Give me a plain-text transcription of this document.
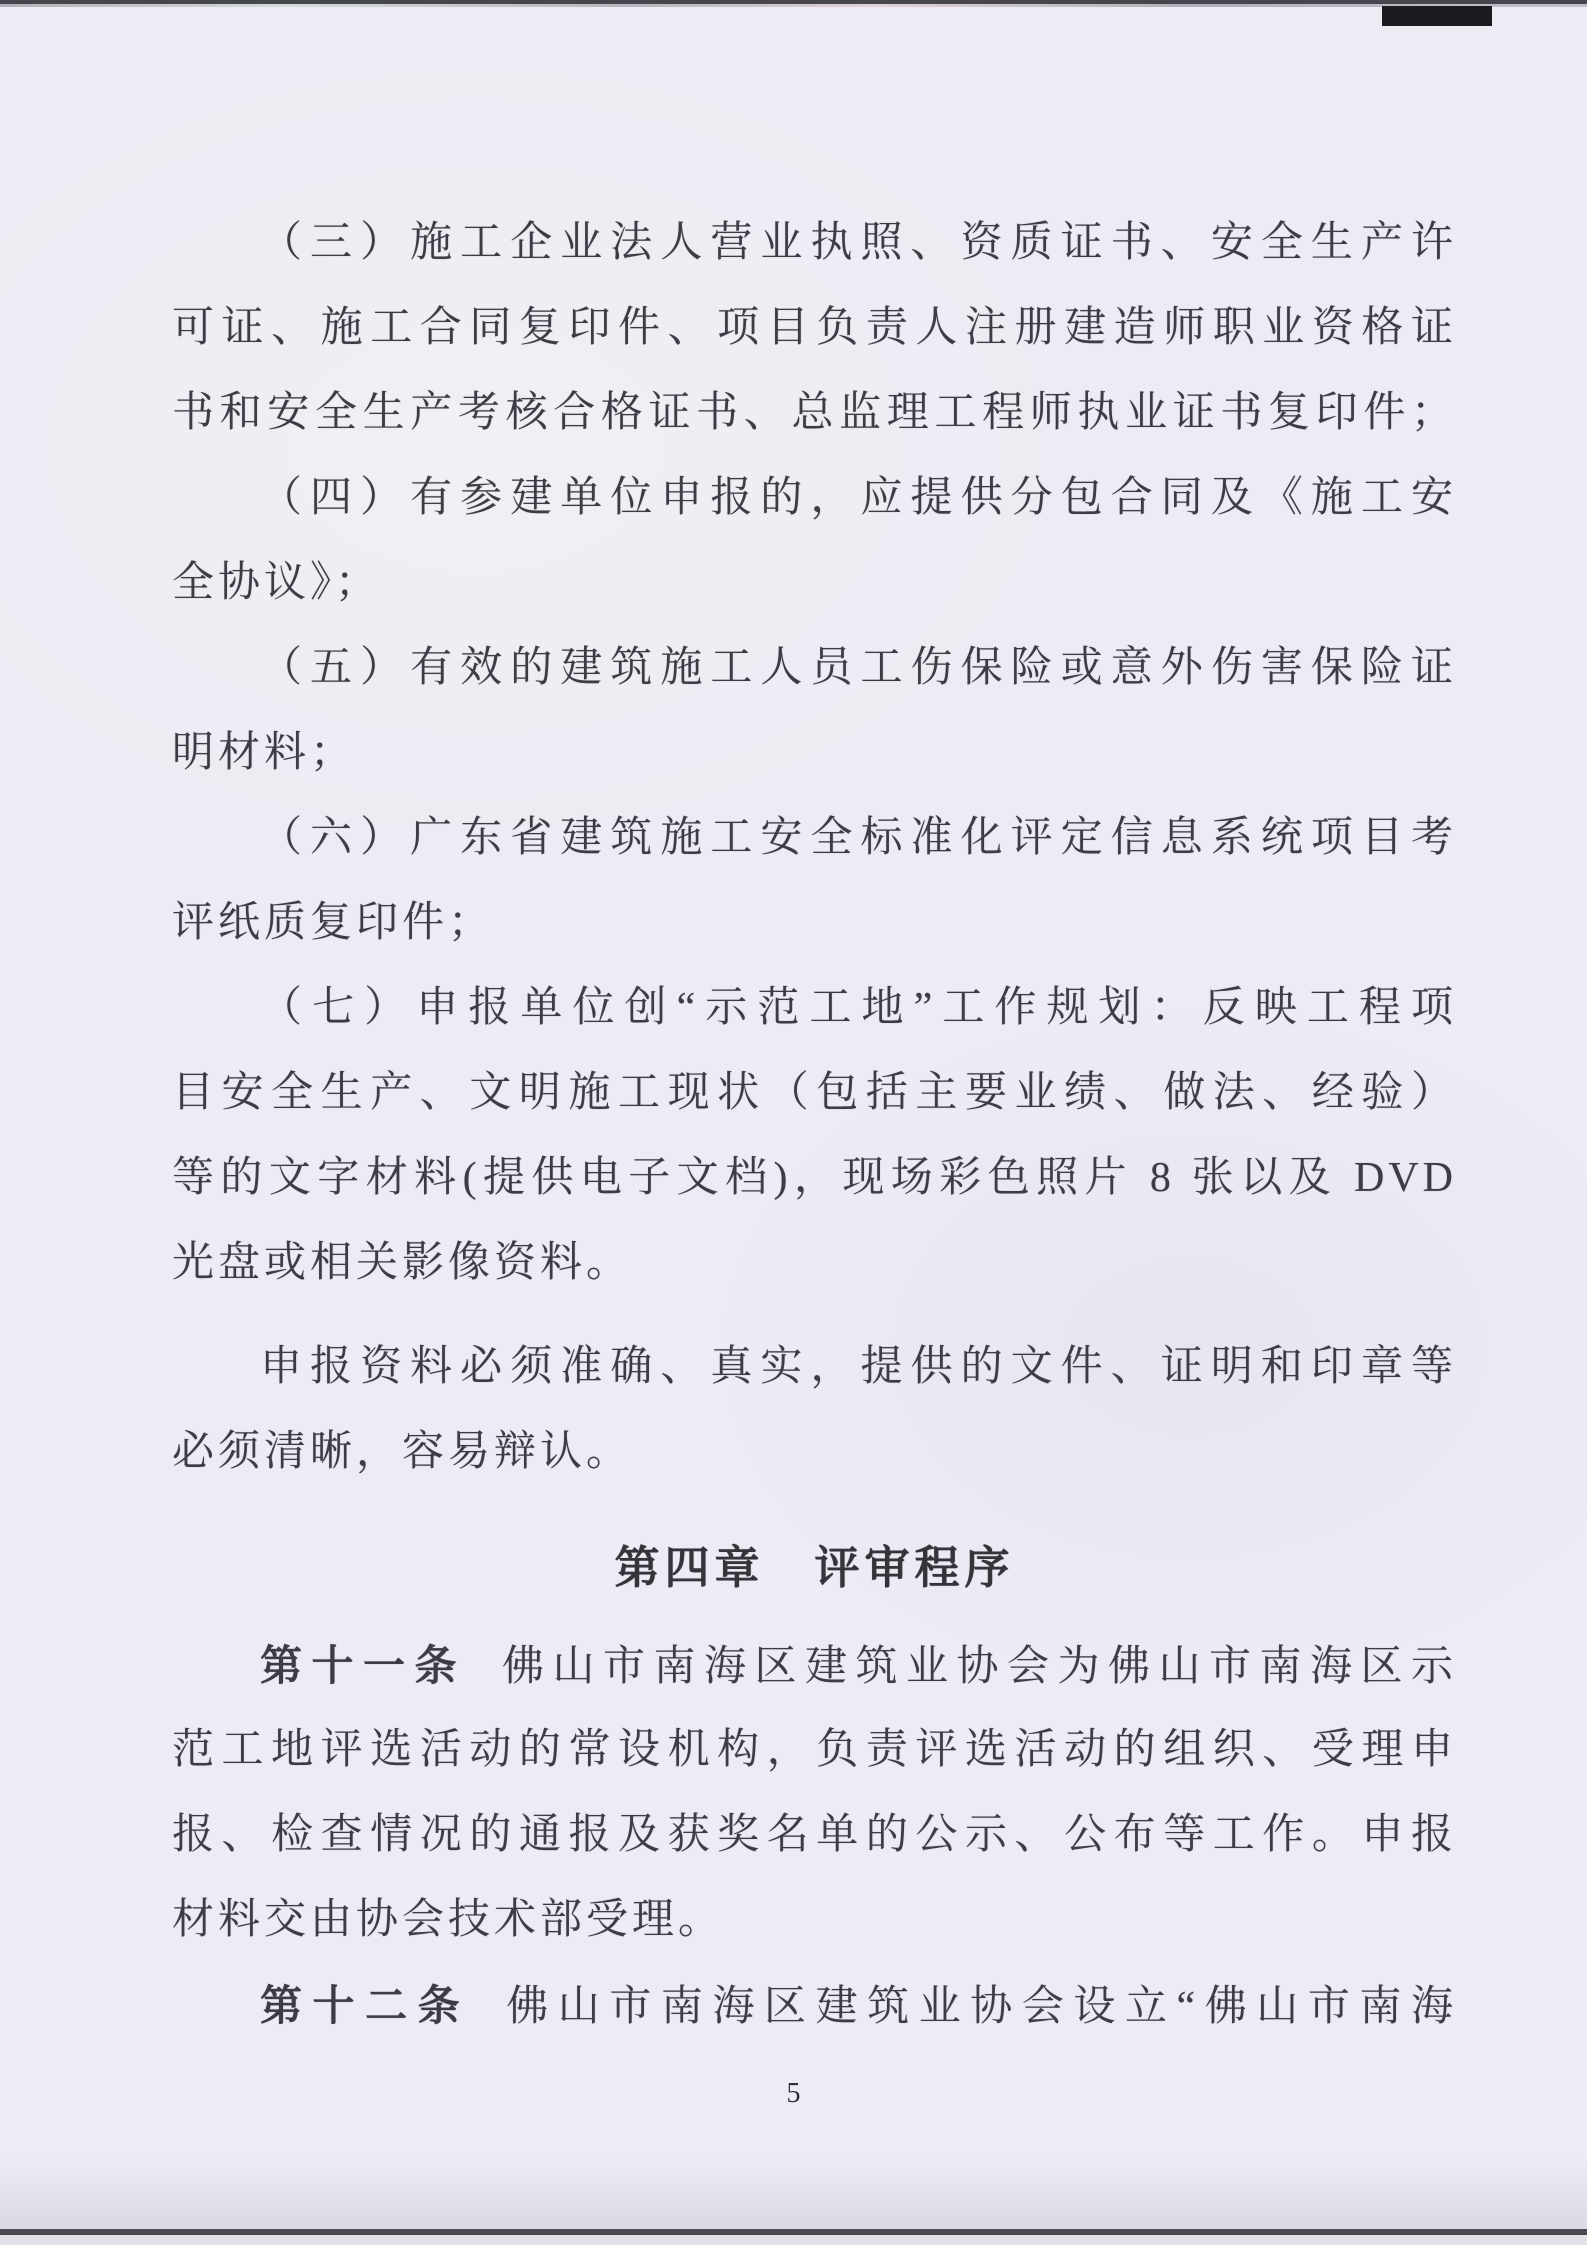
（三）施工企业法人营业执照、资质证书、安全生产许
可证、施工合同复印件、项目负责人注册建造师职业资格证
书和安全生产考核合格证书、总监理工程师执业证书复印件；
（四）有参建单位申报的，应提供分包合同及《施工安
全协议》；
（五）有效的建筑施工人员工伤保险或意外伤害保险证
明材料；
（六）广东省建筑施工安全标准化评定信息系统项目考
评纸质复印件；
（七）申报单位创“示范工地”工作规划：反映工程项
目安全生产、文明施工现状（包括主要业绩、做法、经验）
等的文字材料(提供电子文档)，现场彩色照片 8 张以及 DVD
光盘或相关影像资料。
申报资料必须准确、真实，提供的文件、证明和印章等
必须清晰，容易辩认。
第四章　评审程序
第十一条 佛山市南海区建筑业协会为佛山市南海区示
范工地评选活动的常设机构，负责评选活动的组织、受理申
报、检查情况的通报及获奖名单的公示、公布等工作。申报
材料交由协会技术部受理。
第十二条 佛山市南海区建筑业协会设立“佛山市南海
5
